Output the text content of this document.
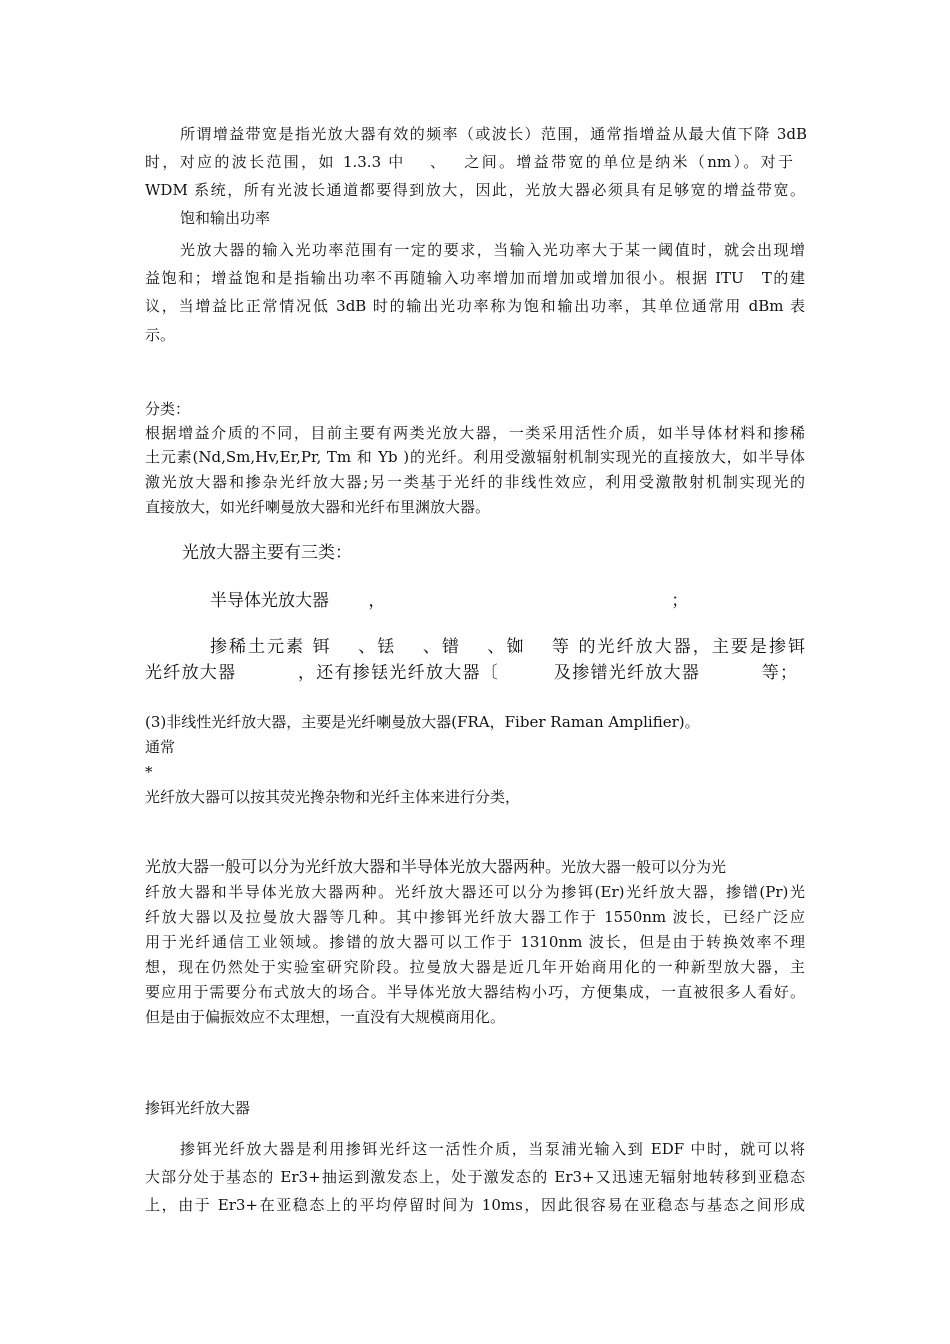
所谓增益带宽是指光放大器有效的频率（或波长）范围，通常指增益从最大值下降 3dB

时，对应的波长范围，如 1.3.3 中　 、　 之间。增益带宽的单位是纳米（nm）。对于

WDM 系统，所有光波长通道都要得到放大，因此，光放大器必须具有足够宽的增益带宽。

饱和输出功率

光放大器的输入光功率范围有一定的要求，当输入光功率大于某一阈值时，就会出现增

益饱和；增益饱和是指输出功率不再随输入功率增加而增加或增加很小。根据 ITU　T的建

议，当增益比正常情况低 3dB 时的输出光功率称为饱和输出功率，其单位通常用 dBm 表

示。

分类：

根据增益介质的不同，目前主要有两类光放大器，一类采用活性介质，如半导体材料和掺稀

土元素(Nd,Sm,Hv,Er,Pr, Tm 和 Yb )的光纤。利用受激辐射机制实现光的直接放大，如半导体

激光放大器和掺杂光纤放大器;另一类基于光纤的非线性效应，利用受激散射机制实现光的

直接放大，如光纤喇曼放大器和光纤布里渊放大器。

光放大器主要有三类：

半导体光放大器　　 ，　　　　　　　　　　　　　　　　　 ；

掺稀土元素 铒　 、铥　 、镨　 、铷　 等 的光纤放大器，主要是掺铒

光纤放大器　　　 ，还有掺铥光纤放大器〔　　　及掺镨光纤放大器　　　 等；

(3)非线性光纤放大器，主要是光纤喇曼放大器(FRA，Fiber Raman Amplifier)。

通常

*

光纤放大器可以按其荧光搀杂物和光纤主体来进行分类，

光放大器一般可以分为光纤放大器和半导体光放大器两种。光放大器一般可以分为光

纤放大器和半导体光放大器两种。光纤放大器还可以分为掺铒(Er)光纤放大器，掺镨(Pr)光

纤放大器以及拉曼放大器等几种。其中掺铒光纤放大器工作于 1550nm 波长，已经广泛应

用于光纤通信工业领域。掺镨的放大器可以工作于 1310nm 波长，但是由于转换效率不理

想，现在仍然处于实验室研究阶段。拉曼放大器是近几年开始商用化的一种新型放大器，主

要应用于需要分布式放大的场合。半导体光放大器结构小巧，方便集成，一直被很多人看好。

但是由于偏振效应不太理想，一直没有大规模商用化。

掺铒光纤放大器

掺铒光纤放大器是利用掺铒光纤这一活性介质，当泵浦光输入到 EDF 中时，就可以将

大部分处于基态的 Er3+抽运到激发态上，处于激发态的 Er3+又迅速无辐射地转移到亚稳态

上，由于 Er3+在亚稳态上的平均停留时间为 10ms，因此很容易在亚稳态与基态之间形成
